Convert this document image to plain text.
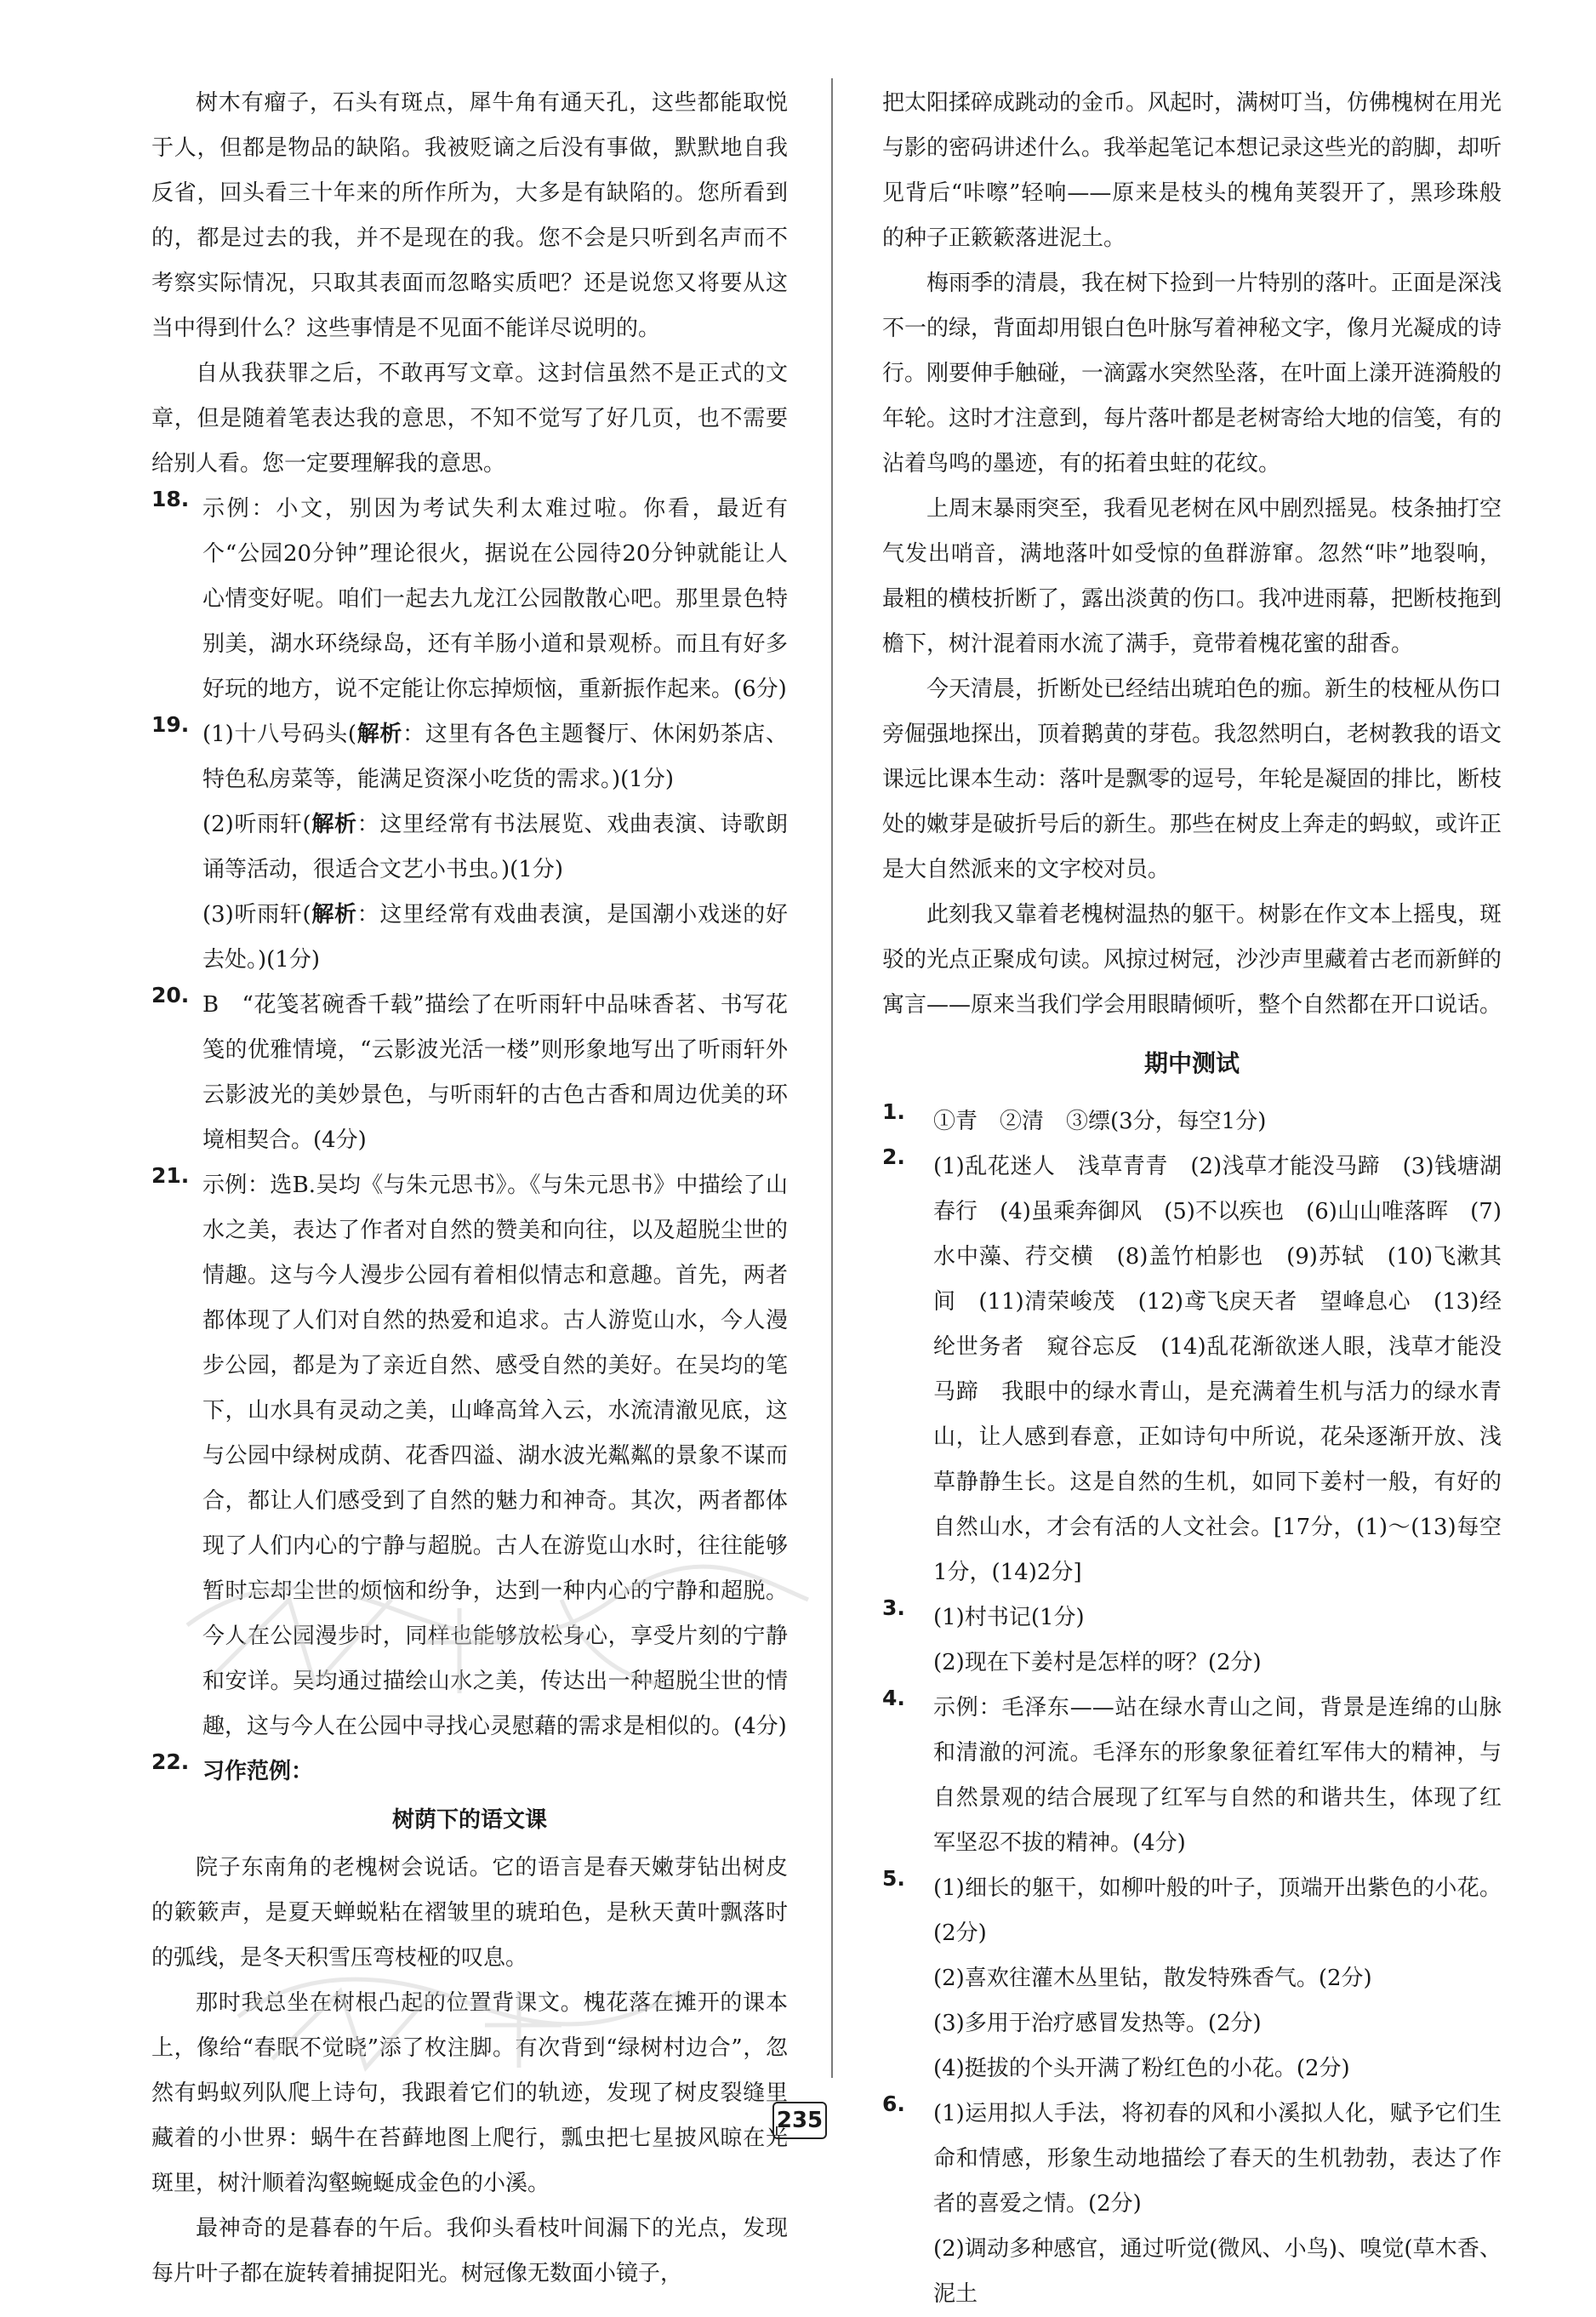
树木有瘤子，石头有斑点，犀牛角有通天孔，这些都能取悦于人，但都是物品的缺陷。我被贬谪之后没有事做，默默地自我反省，回头看三十年来的所作所为，大多是有缺陷的。您所看到的，都是过去的我，并不是现在的我。您不会是只听到名声而不考察实际情况，只取其表面而忽略实质吧？还是说您又将要从这当中得到什么？这些事情是不见面不能详尽说明的。

自从我获罪之后，不敢再写文章。这封信虽然不是正式的文章，但是随着笔表达我的意思，不知不觉写了好几页，也不需要给别人看。您一定要理解我的意思。

18. 示例：小文，别因为考试失利太难过啦。你看，最近有个“公园20分钟”理论很火，据说在公园待20分钟就能让人心情变好呢。咱们一起去九龙江公园散散心吧。那里景色特别美，湖水环绕绿岛，还有羊肠小道和景观桥。而且有好多好玩的地方，说不定能让你忘掉烦恼，重新振作起来。(6分)

19. (1)十八号码头(解析：这里有各色主题餐厅、休闲奶茶店、特色私房菜等，能满足资深小吃货的需求。)(1分)

(2)听雨轩(解析：这里经常有书法展览、戏曲表演、诗歌朗诵等活动，很适合文艺小书虫。)(1分)

(3)听雨轩(解析：这里经常有戏曲表演，是国潮小戏迷的好去处。)(1分)

20. B　“花笺茗碗香千载”描绘了在听雨轩中品味香茗、书写花笺的优雅情境，“云影波光活一楼”则形象地写出了听雨轩外云影波光的美妙景色，与听雨轩的古色古香和周边优美的环境相契合。(4分)

21. 示例：选B.吴均《与朱元思书》。《与朱元思书》中描绘了山水之美，表达了作者对自然的赞美和向往，以及超脱尘世的情趣。这与今人漫步公园有着相似情志和意趣。首先，两者都体现了人们对自然的热爱和追求。古人游览山水，今人漫步公园，都是为了亲近自然、感受自然的美好。在吴均的笔下，山水具有灵动之美，山峰高耸入云，水流清澈见底，这与公园中绿树成荫、花香四溢、湖水波光粼粼的景象不谋而合，都让人们感受到了自然的魅力和神奇。其次，两者都体现了人们内心的宁静与超脱。古人在游览山水时，往往能够暂时忘却尘世的烦恼和纷争，达到一种内心的宁静和超脱。今人在公园漫步时，同样也能够放松身心，享受片刻的宁静和安详。吴均通过描绘山水之美，传达出一种超脱尘世的情趣，这与今人在公园中寻找心灵慰藉的需求是相似的。(4分)

22. 习作范例：

树荫下的语文课

院子东南角的老槐树会说话。它的语言是春天嫩芽钻出树皮的簌簌声，是夏天蝉蜕粘在褶皱里的琥珀色，是秋天黄叶飘落时的弧线，是冬天积雪压弯枝桠的叹息。

那时我总坐在树根凸起的位置背课文。槐花落在摊开的课本上，像给“春眠不觉晓”添了枚注脚。有次背到“绿树村边合”，忽然有蚂蚁列队爬上诗句，我跟着它们的轨迹，发现了树皮裂缝里藏着的小世界：蜗牛在苔藓地图上爬行，瓢虫把七星披风晾在光斑里，树汁顺着沟壑蜿蜒成金色的小溪。

最神奇的是暮春的午后。我仰头看枝叶间漏下的光点，发现每片叶子都在旋转着捕捉阳光。树冠像无数面小镜子，

把太阳揉碎成跳动的金币。风起时，满树叮当，仿佛槐树在用光与影的密码讲述什么。我举起笔记本想记录这些光的韵脚，却听见背后“咔嚓”轻响——原来是枝头的槐角荚裂开了，黑珍珠般的种子正簌簌落进泥土。

梅雨季的清晨，我在树下捡到一片特别的落叶。正面是深浅不一的绿，背面却用银白色叶脉写着神秘文字，像月光凝成的诗行。刚要伸手触碰，一滴露水突然坠落，在叶面上漾开涟漪般的年轮。这时才注意到，每片落叶都是老树寄给大地的信笺，有的沾着鸟鸣的墨迹，有的拓着虫蛀的花纹。

上周末暴雨突至，我看见老树在风中剧烈摇晃。枝条抽打空气发出哨音，满地落叶如受惊的鱼群游窜。忽然“咔”地裂响，最粗的横枝折断了，露出淡黄的伤口。我冲进雨幕，把断枝拖到檐下，树汁混着雨水流了满手，竟带着槐花蜜的甜香。

今天清晨，折断处已经结出琥珀色的痂。新生的枝桠从伤口旁倔强地探出，顶着鹅黄的芽苞。我忽然明白，老树教我的语文课远比课本生动：落叶是飘零的逗号，年轮是凝固的排比，断枝处的嫩芽是破折号后的新生。那些在树皮上奔走的蚂蚁，或许正是大自然派来的文字校对员。

此刻我又靠着老槐树温热的躯干。树影在作文本上摇曳，斑驳的光点正聚成句读。风掠过树冠，沙沙声里藏着古老而新鲜的寓言——原来当我们学会用眼睛倾听，整个自然都在开口说话。

期中测试

1. ①青　②清　③缥(3分，每空1分)

2. (1)乱花迷人　浅草青青　(2)浅草才能没马蹄　(3)钱塘湖春行　(4)虽乘奔御风　(5)不以疾也　(6)山山唯落晖　(7)水中藻、荇交横　(8)盖竹柏影也　(9)苏轼　(10)飞漱其间　(11)清荣峻茂　(12)鸢飞戾天者　望峰息心　(13)经纶世务者　窥谷忘反　(14)乱花渐欲迷人眼，浅草才能没马蹄　我眼中的绿水青山，是充满着生机与活力的绿水青山，让人感到春意，正如诗句中所说，花朵逐渐开放、浅草静静生长。这是自然的生机，如同下姜村一般，有好的自然山水，才会有活的人文社会。[17分，(1)～(13)每空1分，(14)2分]

3. (1)村书记(1分)

(2)现在下姜村是怎样的呀？(2分)

4. 示例：毛泽东——站在绿水青山之间，背景是连绵的山脉和清澈的河流。毛泽东的形象象征着红军伟大的精神，与自然景观的结合展现了红军与自然的和谐共生，体现了红军坚忍不拔的精神。(4分)

5. (1)细长的躯干，如柳叶般的叶子，顶端开出紫色的小花。(2分)

(2)喜欢往灌木丛里钻，散发特殊香气。(2分)

(3)多用于治疗感冒发热等。(2分)

(4)挺拔的个头开满了粉红色的小花。(2分)

6. (1)运用拟人手法，将初春的风和小溪拟人化，赋予它们生命和情感，形象生动地描绘了春天的生机勃勃，表达了作者的喜爱之情。(2分)

(2)调动多种感官，通过听觉(微风、小鸟)、嗅觉(草木香、泥土

235
